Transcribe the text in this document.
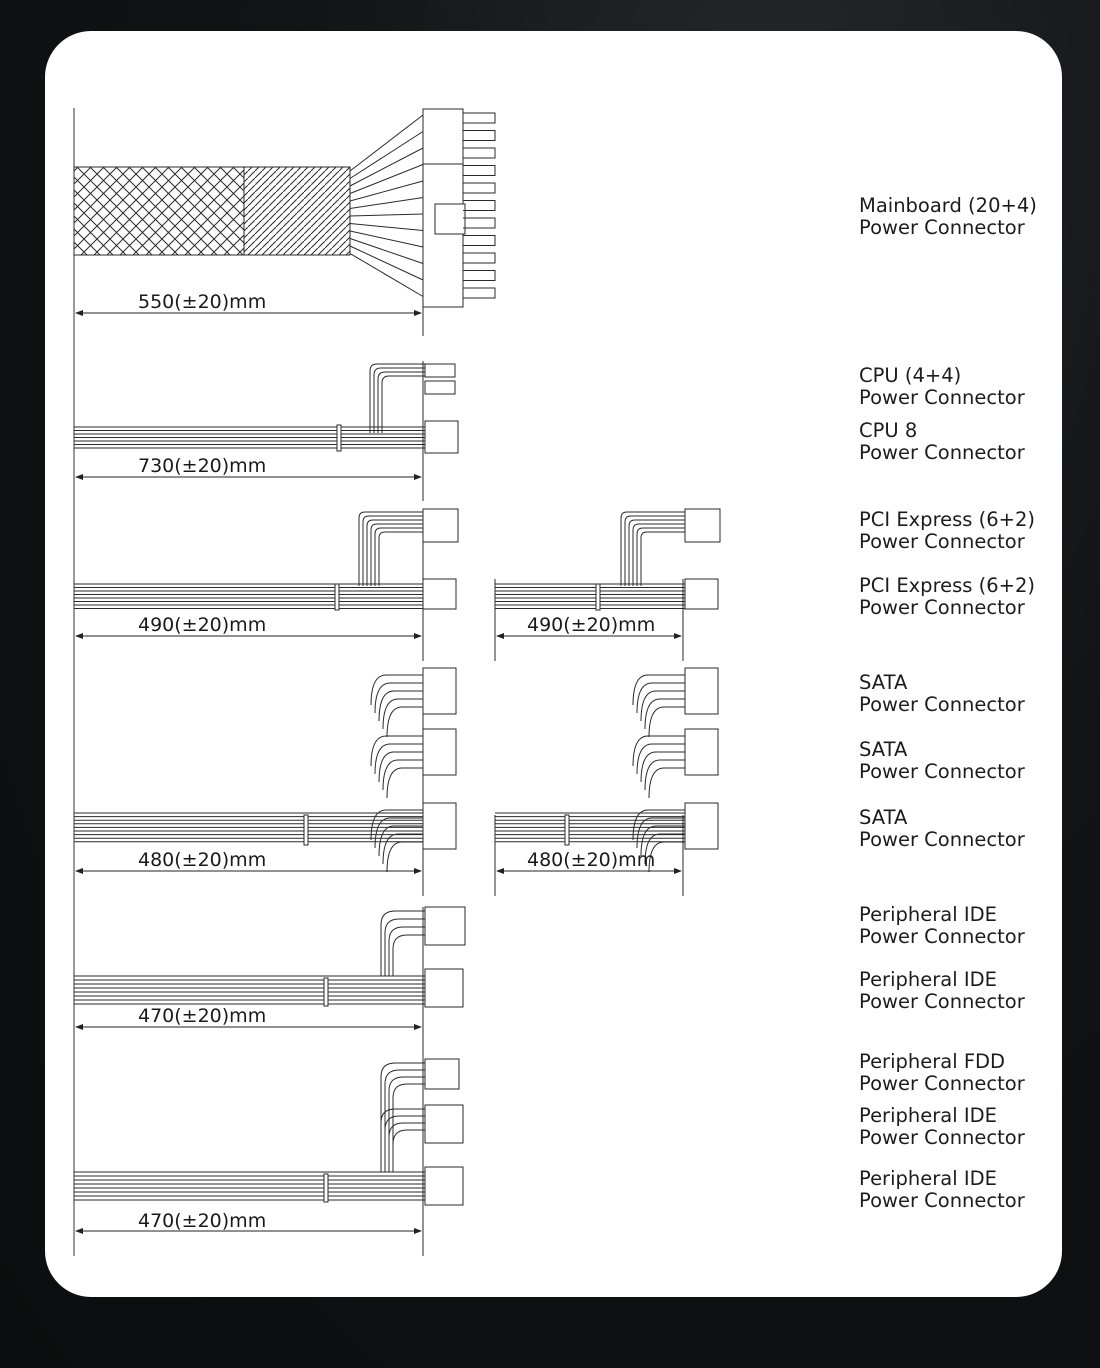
550(±20)mm
730(±20)mm
490(±20)mm	490(±20)mm
480(±20)mm	480(±20)mm
470(±20)mm
470(±20)mm
Mainboard (20+4)
Power Connector
CPU (4+4)
Power Connector
CPU 8
Power Connector
PCI Express (6+2)
Power Connector
PCI Express (6+2)
Power Connector
SATA
Power Connector
SATA
Power Connector
SATA
Power Connector
Peripheral IDE
Power Connector
Peripheral IDE
Power Connector
Peripheral FDD
Power Connector
Peripheral IDE
Power Connector
Peripheral IDE
Power Connector
